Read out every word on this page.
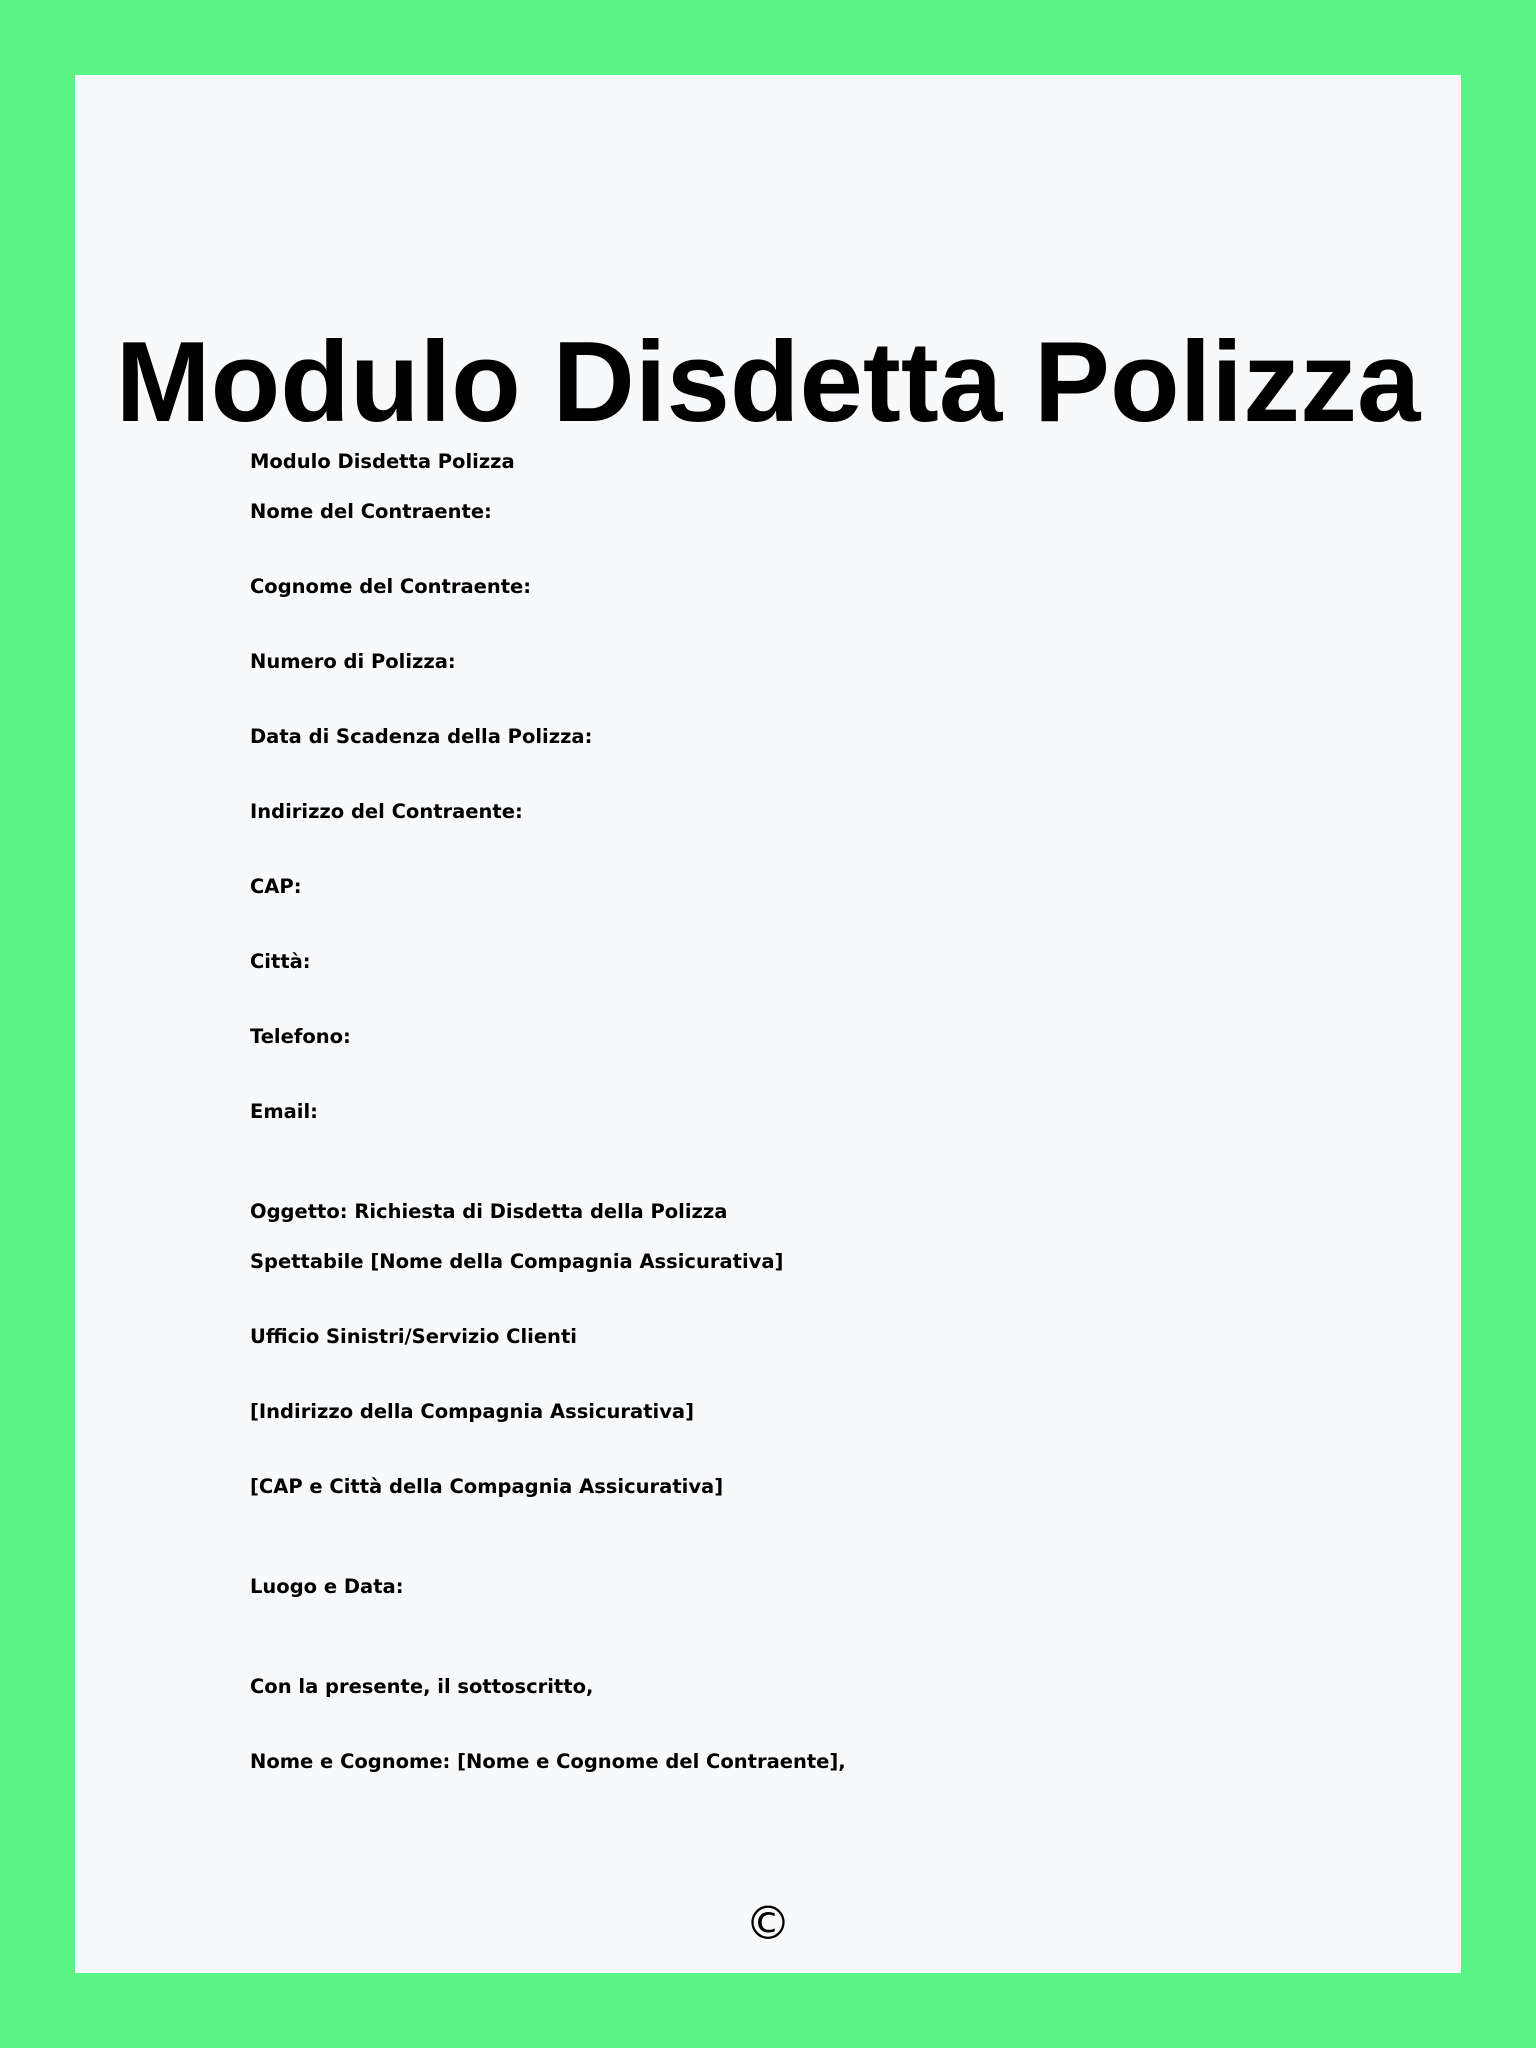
Modulo Disdetta Polizza
Modulo Disdetta Polizza
Nome del Contraente:
Cognome del Contraente:
Numero di Polizza:
Data di Scadenza della Polizza:
Indirizzo del Contraente:
CAP:
Città:
Telefono:
Email:
Oggetto: Richiesta di Disdetta della Polizza
Spettabile [Nome della Compagnia Assicurativa]
Ufficio Sinistri/Servizio Clienti
[Indirizzo della Compagnia Assicurativa]
[CAP e Città della Compagnia Assicurativa]
Luogo e Data:
Con la presente, il sottoscritto,
Nome e Cognome: [Nome e Cognome del Contraente],
©
